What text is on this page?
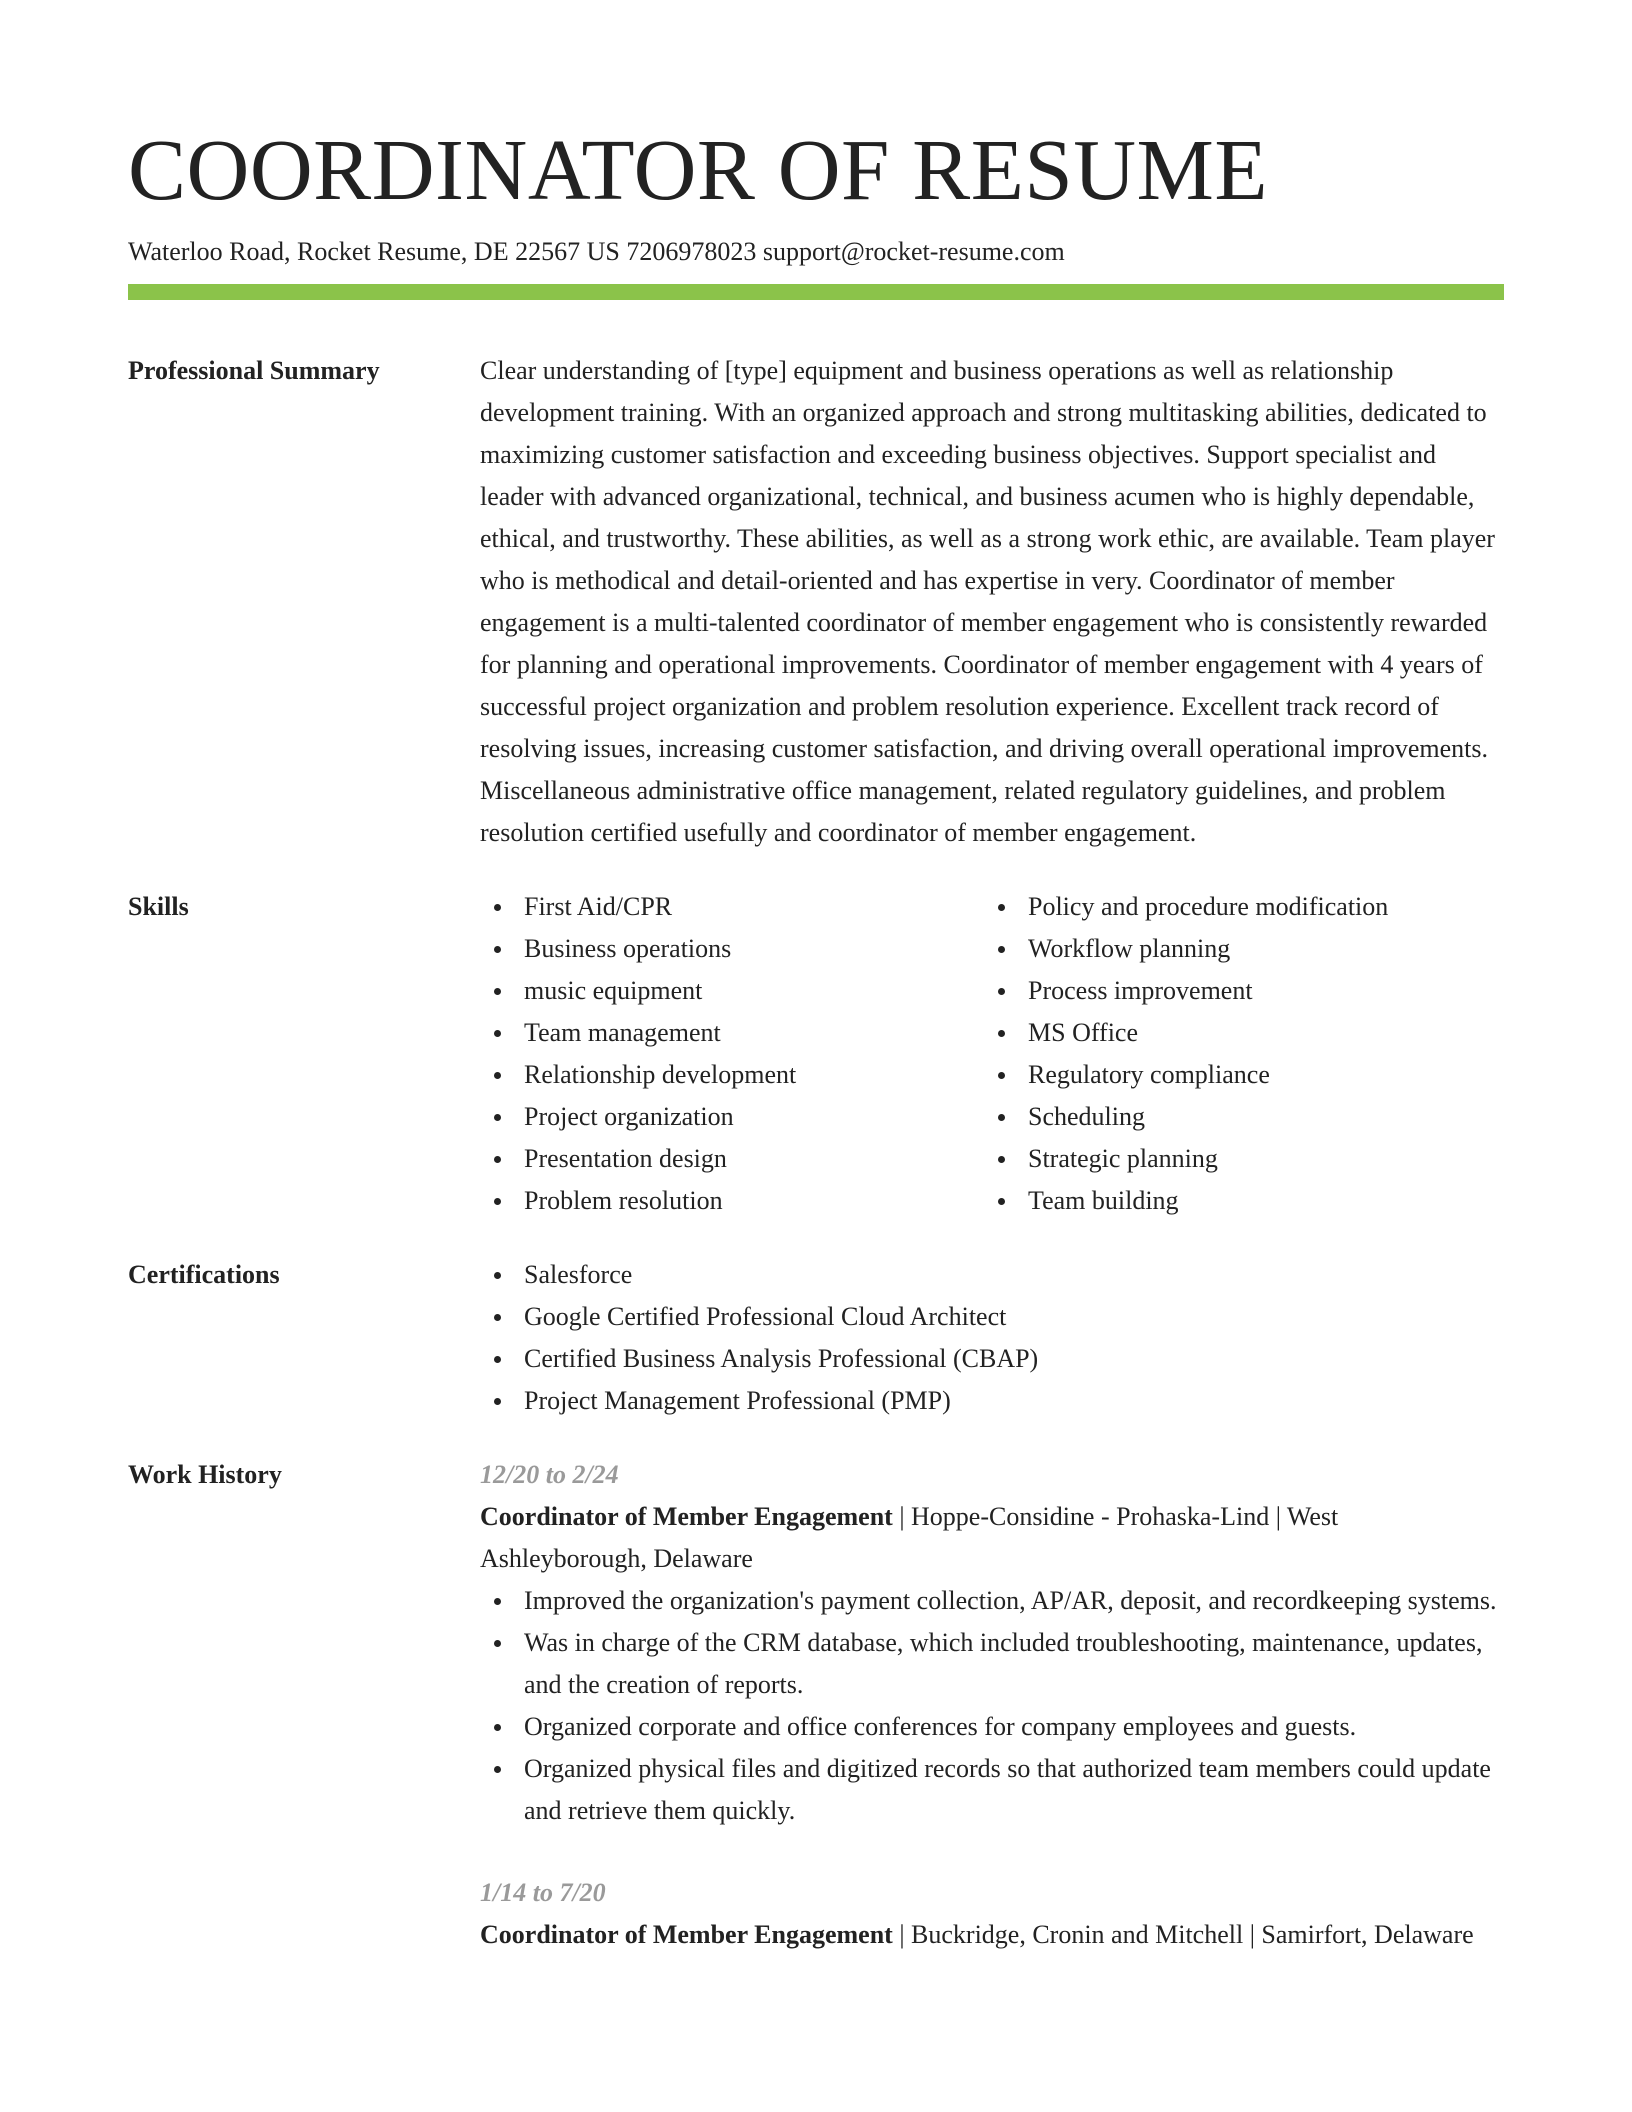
COORDINATOR OF RESUME
Waterloo Road, Rocket Resume, DE 22567 US 7206978023 support@rocket-resume.com
Professional Summary	Clear understanding of [type] equipment and business operations as well as relationship development training. With an organized approach and strong multitasking abilities, dedicated to maximizing customer satisfaction and exceeding business objectives. Support specialist and leader with advanced organizational, technical, and business acumen who is highly dependable, ethical, and trustworthy. These abilities, as well as a strong work ethic, are available. Team player who is methodical and detail-oriented and has expertise in very. Coordinator of member engagement is a multi-talented coordinator of member engagement who is consistently rewarded for planning and operational improvements. Coordinator of member engagement with 4 years of successful project organization and problem resolution experience. Excellent track record of resolving issues, increasing customer satisfaction, and driving overall operational improvements. Miscellaneous administrative office management, related regulatory guidelines, and problem resolution certified usefully and coordinator of member engagement.
Skills	First Aid/CPR
Business operations
music equipment
Team management
Relationship development
Project organization
Presentation design
Problem resolution
Policy and procedure modification
Workflow planning
Process improvement
MS Office
Regulatory compliance
Scheduling
Strategic planning
Team building
Certifications	Salesforce
Google Certified Professional Cloud Architect
Certified Business Analysis Professional (CBAP)
Project Management Professional (PMP)
Work History	12/20 to 2/24
Coordinator of Member Engagement | Hoppe-Considine - Prohaska-Lind | West Ashleyborough, Delaware
Improved the organization's payment collection, AP/AR, deposit, and recordkeeping systems.
Was in charge of the CRM database, which included troubleshooting, maintenance, updates, and the creation of reports.
Organized corporate and office conferences for company employees and guests.
Organized physical files and digitized records so that authorized team members could update and retrieve them quickly.
1/14 to 7/20
Coordinator of Member Engagement | Buckridge, Cronin and Mitchell | Samirfort, Delaware
